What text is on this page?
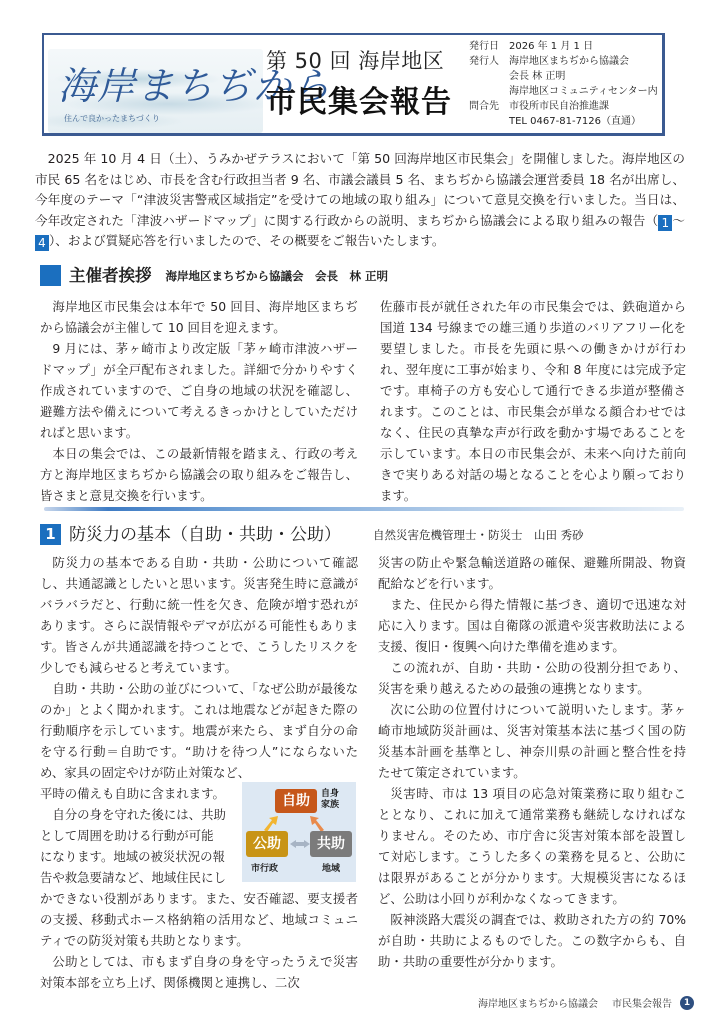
海岸まちぢから
住んで良かったまちづくり
第 50 回 海岸地区
市民集会報告
発行日	2026 年 1 月 1 日
発行人	海岸地区まちぢから協議会
会長 林 正明
海岸地区コミュニティセンター内
問合先	市役所市民自治推進課
TEL 0467-81-7126（直通）
2025 年 10 月 4 日（土）、うみかぜテラスにおいて「第 50 回海岸地区市民集会」を開催しました。海岸地区の市民 65 名をはじめ、市長を含む行政担当者 9 名、市議会議員 5 名、まちぢから協議会運営委員 18 名が出席し、今年度のテーマ「“津波災害警戒区域指定”を受けての地域の取り組み」について意見交換を行いました。当日は、今年改定された「津波ハザードマップ」に関する行政からの説明、まちぢから協議会による取り組みの報告（ 1 ～4 ）、および質疑応答を行いましたので、その概要をご報告いたします。
主催者挨拶 海岸地区まちぢから協議会　会長　林 正明

海岸地区市民集会は本年で 50 回目、海岸地区まちぢから協議会が主催して 10 回目を迎えます。

9 月には、茅ヶ崎市より改定版「茅ヶ崎市津波ハザードマップ」が全戸配布されました。詳細で分かりやすく作成されていますので、ご自身の地域の状況を確認し、避難方法や備えについて考えるきっかけとしていただければと思います。

本日の集会では、この最新情報を踏まえ、行政の考え方と海岸地区まちぢから協議会の取り組みをご報告し、皆さまと意見交換を行います。

佐藤市長が就任された年の市民集会では、鉄砲道から国道 134 号線までの雄三通り歩道のバリアフリー化を要望しました。市長を先頭に県への働きかけが行われ、翌年度に工事が始まり、令和 8 年度には完成予定です。車椅子の方も安心して通行できる歩道が整備されます。このことは、市民集会が単なる顔合わせではなく、住民の真摯な声が行政を動かす場であることを示しています。本日の市民集会が、未来へ向けた前向きで実りある対話の場となることを心より願っております。

1 防災力の基本（自助・共助・公助）	自然災害危機管理士・防災士　山田 秀砂

防災力の基本である自助・共助・公助について確認し、共通認識としたいと思います。災害発生時に意識がバラバラだと、行動に統一性を欠き、危険が増す恐れがあります。さらに誤情報やデマが広がる可能性もあります。皆さんが共通認識を持つことで、こうしたリスクを少しでも減らせると考えています。

自助・共助・公助の並びについて、「なぜ公助が最後なのか」とよく聞かれます。これは地震などが起きた際の行動順序を示しています。地震が来たら、まず自分の命を守る行動＝自助です。“助けを待つ人”にならないため、家具の固定やけが防止対策など、

平時の備えも自助に含まれます。
　自分の身を守れた後には、共助
として周囲を助ける行動が可能
になります。地域の被災状況の報
告や救急要請など、地域住民にし

かできない役割があります。また、安否確認、要支援者の支援、移動式ホース格納箱の活用など、地域コミュニティでの防災対策も共助となります。

公助としては、市もまず自身の身を守ったうえで災害対策本部を立ち上げ、関係機関と連携し、二次

自助	自身 家族
公助
市行政
共助
地域

災害の防止や緊急輸送道路の確保、避難所開設、物資配給などを行います。

また、住民から得た情報に基づき、適切で迅速な対応に入ります。国は自衛隊の派遣や災害救助法による支援、復旧・復興へ向けた準備を進めます。

この流れが、自助・共助・公助の役割分担であり、災害を乗り越えるための最強の連携となります。

次に公助の位置付けについて説明いたします。茅ヶ崎市地域防災計画は、災害対策基本法に基づく国の防災基本計画を基準とし、神奈川県の計画と整合性を持たせて策定されています。

災害時、市は 13 項目の応急対策業務に取り組むこととなり、これに加えて通常業務も継続しなければなりません。そのため、市庁舎に災害対策本部を設置して対応します。こうした多くの業務を見ると、公助には限界があることが分かります。大規模災害になるほど、公助は小回りが利かなくなってきます。

阪神淡路大震災の調査では、救助された方の約 70%が自助・共助によるものでした。この数字からも、自助・共助の重要性が分かります。

海岸地区まちぢから協議会 市民集会報告	1
